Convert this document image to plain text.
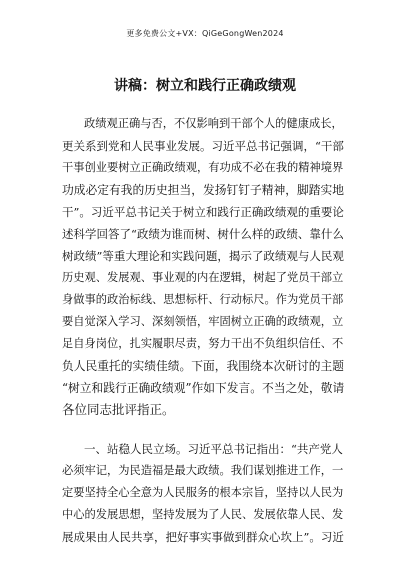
更多免费公文+VX：QiGeGongWen2024
讲稿：树立和践行正确政绩观
政绩观正确与否，不仅影响到干部个人的健康成长，
更关系到党和人民事业发展。习近平总书记强调，“干部
干事创业要树立正确政绩观，有功成不必在我的精神境界
功成必定有我的历史担当，发扬钉钉子精神，脚踏实地
干”。习近平总书记关于树立和践行正确政绩观的重要论
述科学回答了“政绩为谁而树、树什么样的政绩、靠什么
树政绩”等重大理论和实践问题，揭示了政绩观与人民观
历史观、发展观、事业观的内在逻辑，树起了党员干部立
身做事的政治标线、思想标杆、行动标尺。作为党员干部
要自觉深入学习、深刻领悟，牢固树立正确的政绩观，立
足自身岗位，扎实履职尽责，努力干出不负组织信任、不
负人民重托的实绩佳绩。下面，我围绕本次研讨的主题
“树立和践行正确政绩观”作如下发言。不当之处，敬请
各位同志批评指正。
一、站稳人民立场。习近平总书记指出：“共产党人
必须牢记，为民造福是最大政绩。我们谋划推进工作，一
定要坚持全心全意为人民服务的根本宗旨，坚持以人民为
中心的发展思想，坚持发展为了人民、发展依靠人民、发
展成果由人民共享，把好事实事做到群众心坎上”。习近
